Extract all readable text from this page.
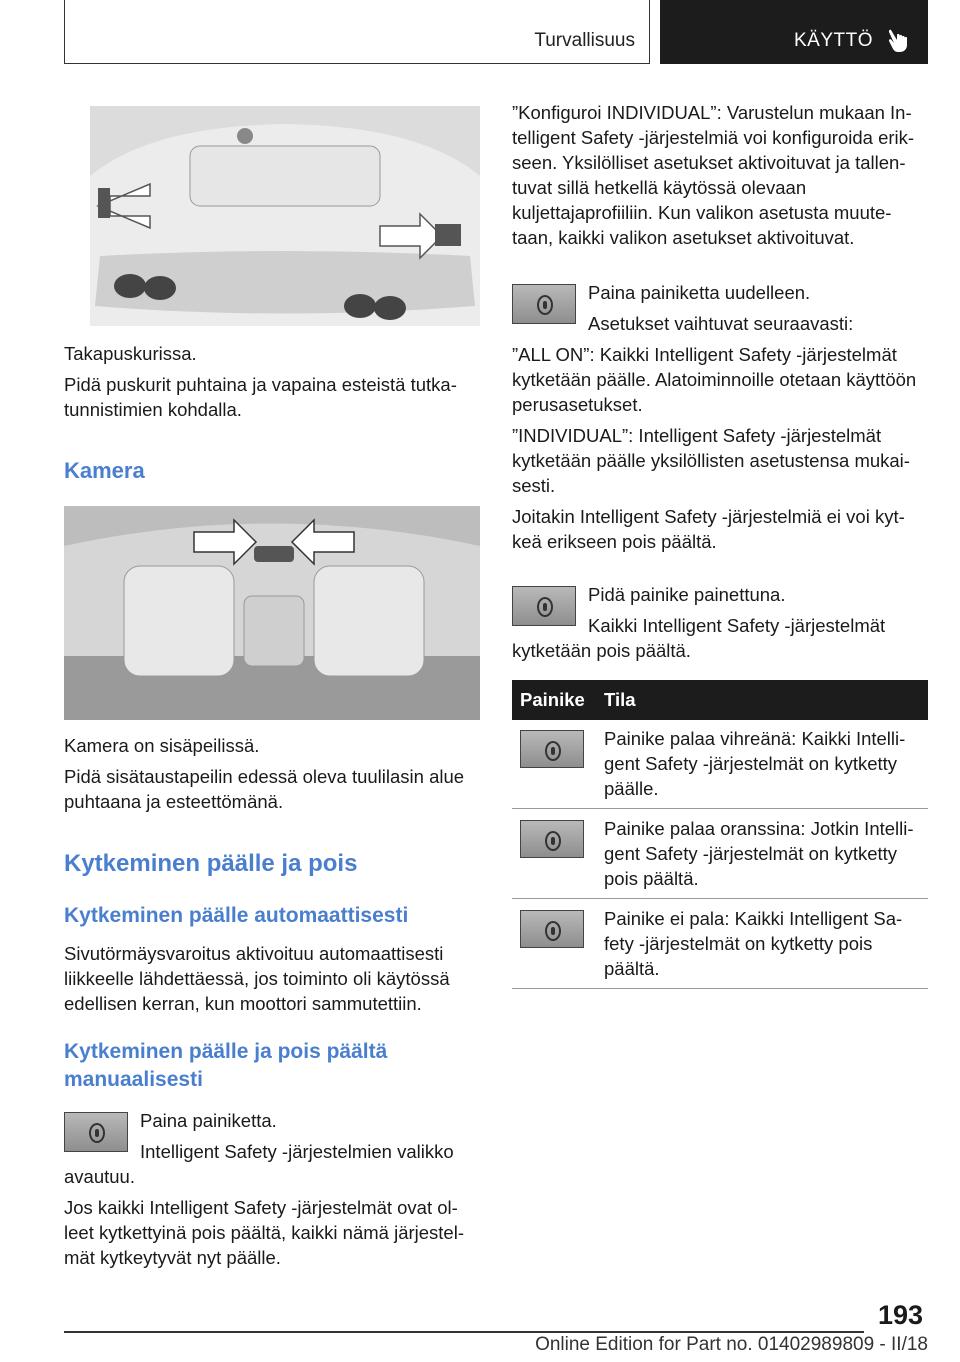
Turvallisuus	KÄYTTÖ
Takapuskurissa.
Pidä puskurit puhtaina ja vapaina esteistä tutka-
tunnistimien kohdalla.
Kamera
Kamera on sisäpeilissä.
Pidä sisätaustapeilin edessä oleva tuulilasin alue
puhtaana ja esteettömänä.
Kytkeminen päälle ja pois
Kytkeminen päälle automaattisesti
Sivutörmäysvaroitus aktivoituu automaattisesti
liikkeelle lähdettäessä, jos toiminto oli käytössä
edellisen kerran, kun moottori sammutettiin.
Kytkeminen päälle ja pois päältä
manuaalisesti
Paina painiketta.
Intelligent Safety -järjestelmien valikko
avautuu.
Jos kaikki Intelligent Safety -järjestelmät ovat ol-
leet kytkettyinä pois päältä, kaikki nämä järjestel-
mät kytkeytyvät nyt päälle.
”Konfiguroi INDIVIDUAL”: Varustelun mukaan In-
telligent Safety -järjestelmiä voi konfiguroida erik-
seen. Yksilölliset asetukset aktivoituvat ja tallen-
tuvat sillä hetkellä käytössä olevaan
kuljettajaprofiiliin. Kun valikon asetusta muute-
taan, kaikki valikon asetukset aktivoituvat.
Paina painiketta uudelleen.
Asetukset vaihtuvat seuraavasti:
”ALL ON”: Kaikki Intelligent Safety -järjestelmät
kytketään päälle. Alatoiminnoille otetaan käyttöön
perusasetukset.
”INDIVIDUAL”: Intelligent Safety -järjestelmät
kytketään päälle yksilöllisten asetustensa mukai-
sesti.
Joitakin Intelligent Safety -järjestelmiä ei voi kyt-
keä erikseen pois päältä.
Pidä painike painettuna.
Kaikki Intelligent Safety -järjestelmät
kytketään pois päältä.
Painike Tila
Painike palaa vihreänä: Kaikki Intelli-
gent Safety -järjestelmät on kytketty
päälle.
Painike palaa oranssina: Jotkin Intelli-
gent Safety -järjestelmät on kytketty
pois päältä.
Painike ei pala: Kaikki Intelligent Sa-
fety -järjestelmät on kytketty pois
päältä.
193
Online Edition for Part no. 01402989809 - II/18
